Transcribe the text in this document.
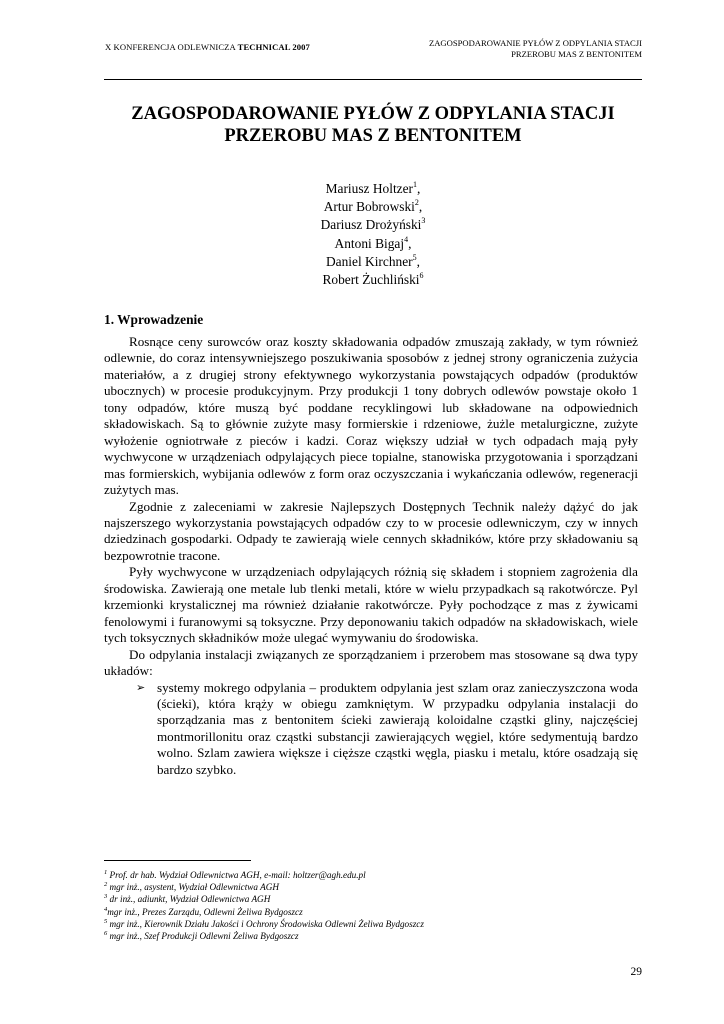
X KONFERENCJA ODLEWNICZA TECHNICAL 2007	ZAGOSPODAROWANIE PYŁÓW Z ODPYLANIA STACJI
PRZEROBU MAS Z BENTONITEM
ZAGOSPODAROWANIE PYŁÓW Z ODPYLANIA STACJI
PRZEROBU MAS Z BENTONITEM
Mariusz Holtzer$^1$,
Artur Bobrowski$^2$,
Dariusz Drożyński$^3$
Antoni Bigaj$^4$,
Daniel Kirchner$^5$,
Robert Żuchliński$^6$
1. Wprowadzenie

Rosnące ceny surowców oraz koszty składowania odpadów zmuszają zakłady, w tym również odlewnie, do coraz intensywniejszego poszukiwania sposobów z jednej strony ograniczenia zużycia materiałów, a z drugiej strony efektywnego wykorzystania powstających odpadów (produktów ubocznych) w procesie produkcyjnym. Przy produkcji 1 tony dobrych odlewów powstaje około 1 tony odpadów, które muszą być poddane recyklingowi lub składowane na odpowiednich składowiskach. Są to głównie zużyte masy formierskie i rdzeniowe, żużle metalurgiczne, zużyte wyłożenie ogniotrwałe z pieców i kadzi. Coraz większy udział w tych odpadach mają pyły wychwycone w urządzeniach odpylających piece topialne, stanowiska przygotowania i sporządzani mas formierskich, wybijania odlewów z form oraz oczyszczania i wykańczania odlewów, regeneracji zużytych mas.

Zgodnie z zaleceniami w zakresie Najlepszych Dostępnych Technik należy dążyć do jak najszerszego wykorzystania powstających odpadów czy to w procesie odlewniczym, czy w innych dziedzinach gospodarki. Odpady te zawierają wiele cennych składników, które przy składowaniu są bezpowrotnie tracone.

Pyły wychwycone w urządzeniach odpylających różnią się składem i stopniem zagrożenia dla środowiska. Zawierają one metale lub tlenki metali, które w wielu przypadkach są rakotwórcze. Pyl krzemionki krystalicznej ma również działanie rakotwórcze. Pyły pochodzące z mas z żywicami fenolowymi i furanowymi są toksyczne. Przy deponowaniu takich odpadów na składowiskach, wiele tych toksycznych składników może ulegać wymywaniu do środowiska.

Do odpylania instalacji związanych ze sporządzaniem i przerobem mas stosowane są dwa typy układów:

➢ systemy mokrego odpylania – produktem odpylania jest szlam oraz zanieczyszczona woda (ścieki), która krąży w obiegu zamkniętym. W przypadku odpylania instalacji do sporządzania mas z bentonitem ścieki zawierają koloidalne cząstki gliny, najczęściej montmorillonitu oraz cząstki substancji zawierających węgiel, które sedymentują bardzo wolno. Szlam zawiera większe i cięższe cząstki węgla, piasku i metalu, które osadzają się bardzo szybko.
$^1$ Prof. dr hab. Wydział Odlewnictwa AGH, e-mail: holtzer@agh.edu.pl
$^2$ mgr inż., asystent, Wydział Odlewnictwa AGH
$^3$ dr inż., adiunkt, Wydział Odlewnictwa AGH
$^4$mgr inż., Prezes Zarządu, Odlewni Żeliwa Bydgoszcz
$^5$ mgr inż., Kierownik Działu Jakości i Ochrony Środowiska Odlewni Żeliwa Bydgoszcz
$^6$ mgr inż., Szef Produkcji Odlewni Żeliwa Bydgoszcz
29
